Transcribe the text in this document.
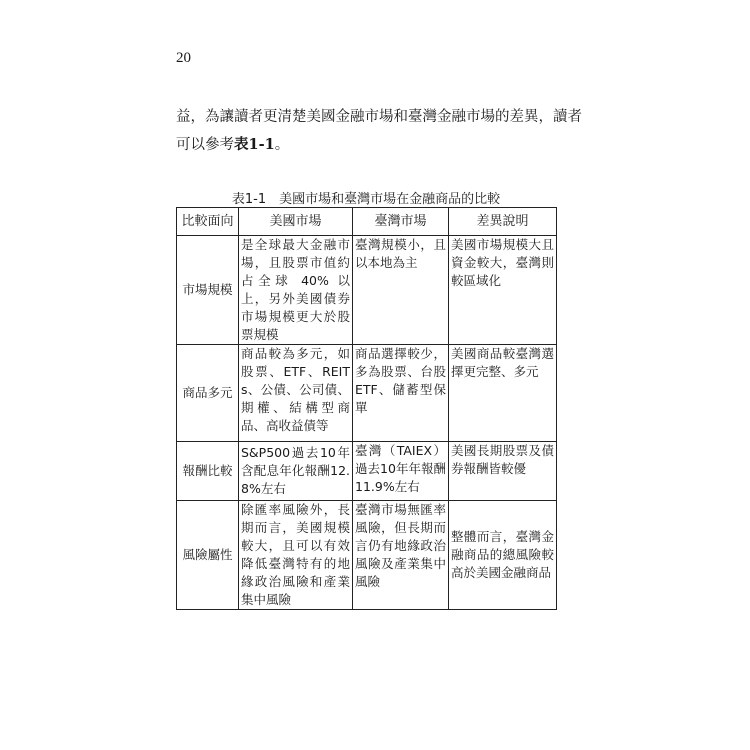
20
益，為讓讀者更清楚美國金融市場和臺灣金融市場的差異，讀者
可以參考表1-1。
表1-1　美國市場和臺灣市場在金融商品的比較
比較面向	美國市場	臺灣市場	差異說明
市場規模	是全球最大金融市場，且股票市值約占全球 40% 以上，另外美國債券市場規模更大於股票規模	臺灣規模小，且以本地為主	美國市場規模大且資金較大，臺灣則較區域化
商品多元	商品較為多元，如股票、ETF、REITs、公債、公司債、期權、結構型商品、高收益債等	商品選擇較少，多為股票、台股ETF、儲蓄型保單	美國商品較臺灣選擇更完整、多元
報酬比較	S&P500過去10年含配息年化報酬12.8%左右	臺灣（TAIEX）過去10年年報酬11.9%左右	美國長期股票及債券報酬皆較優
風險屬性	除匯率風險外，長期而言，美國規模較大，且可以有效降低臺灣特有的地緣政治風險和產業集中風險	臺灣市場無匯率風險，但長期而言仍有地緣政治風險及產業集中風險	整體而言，臺灣金融商品的總風險較高於美國金融商品
